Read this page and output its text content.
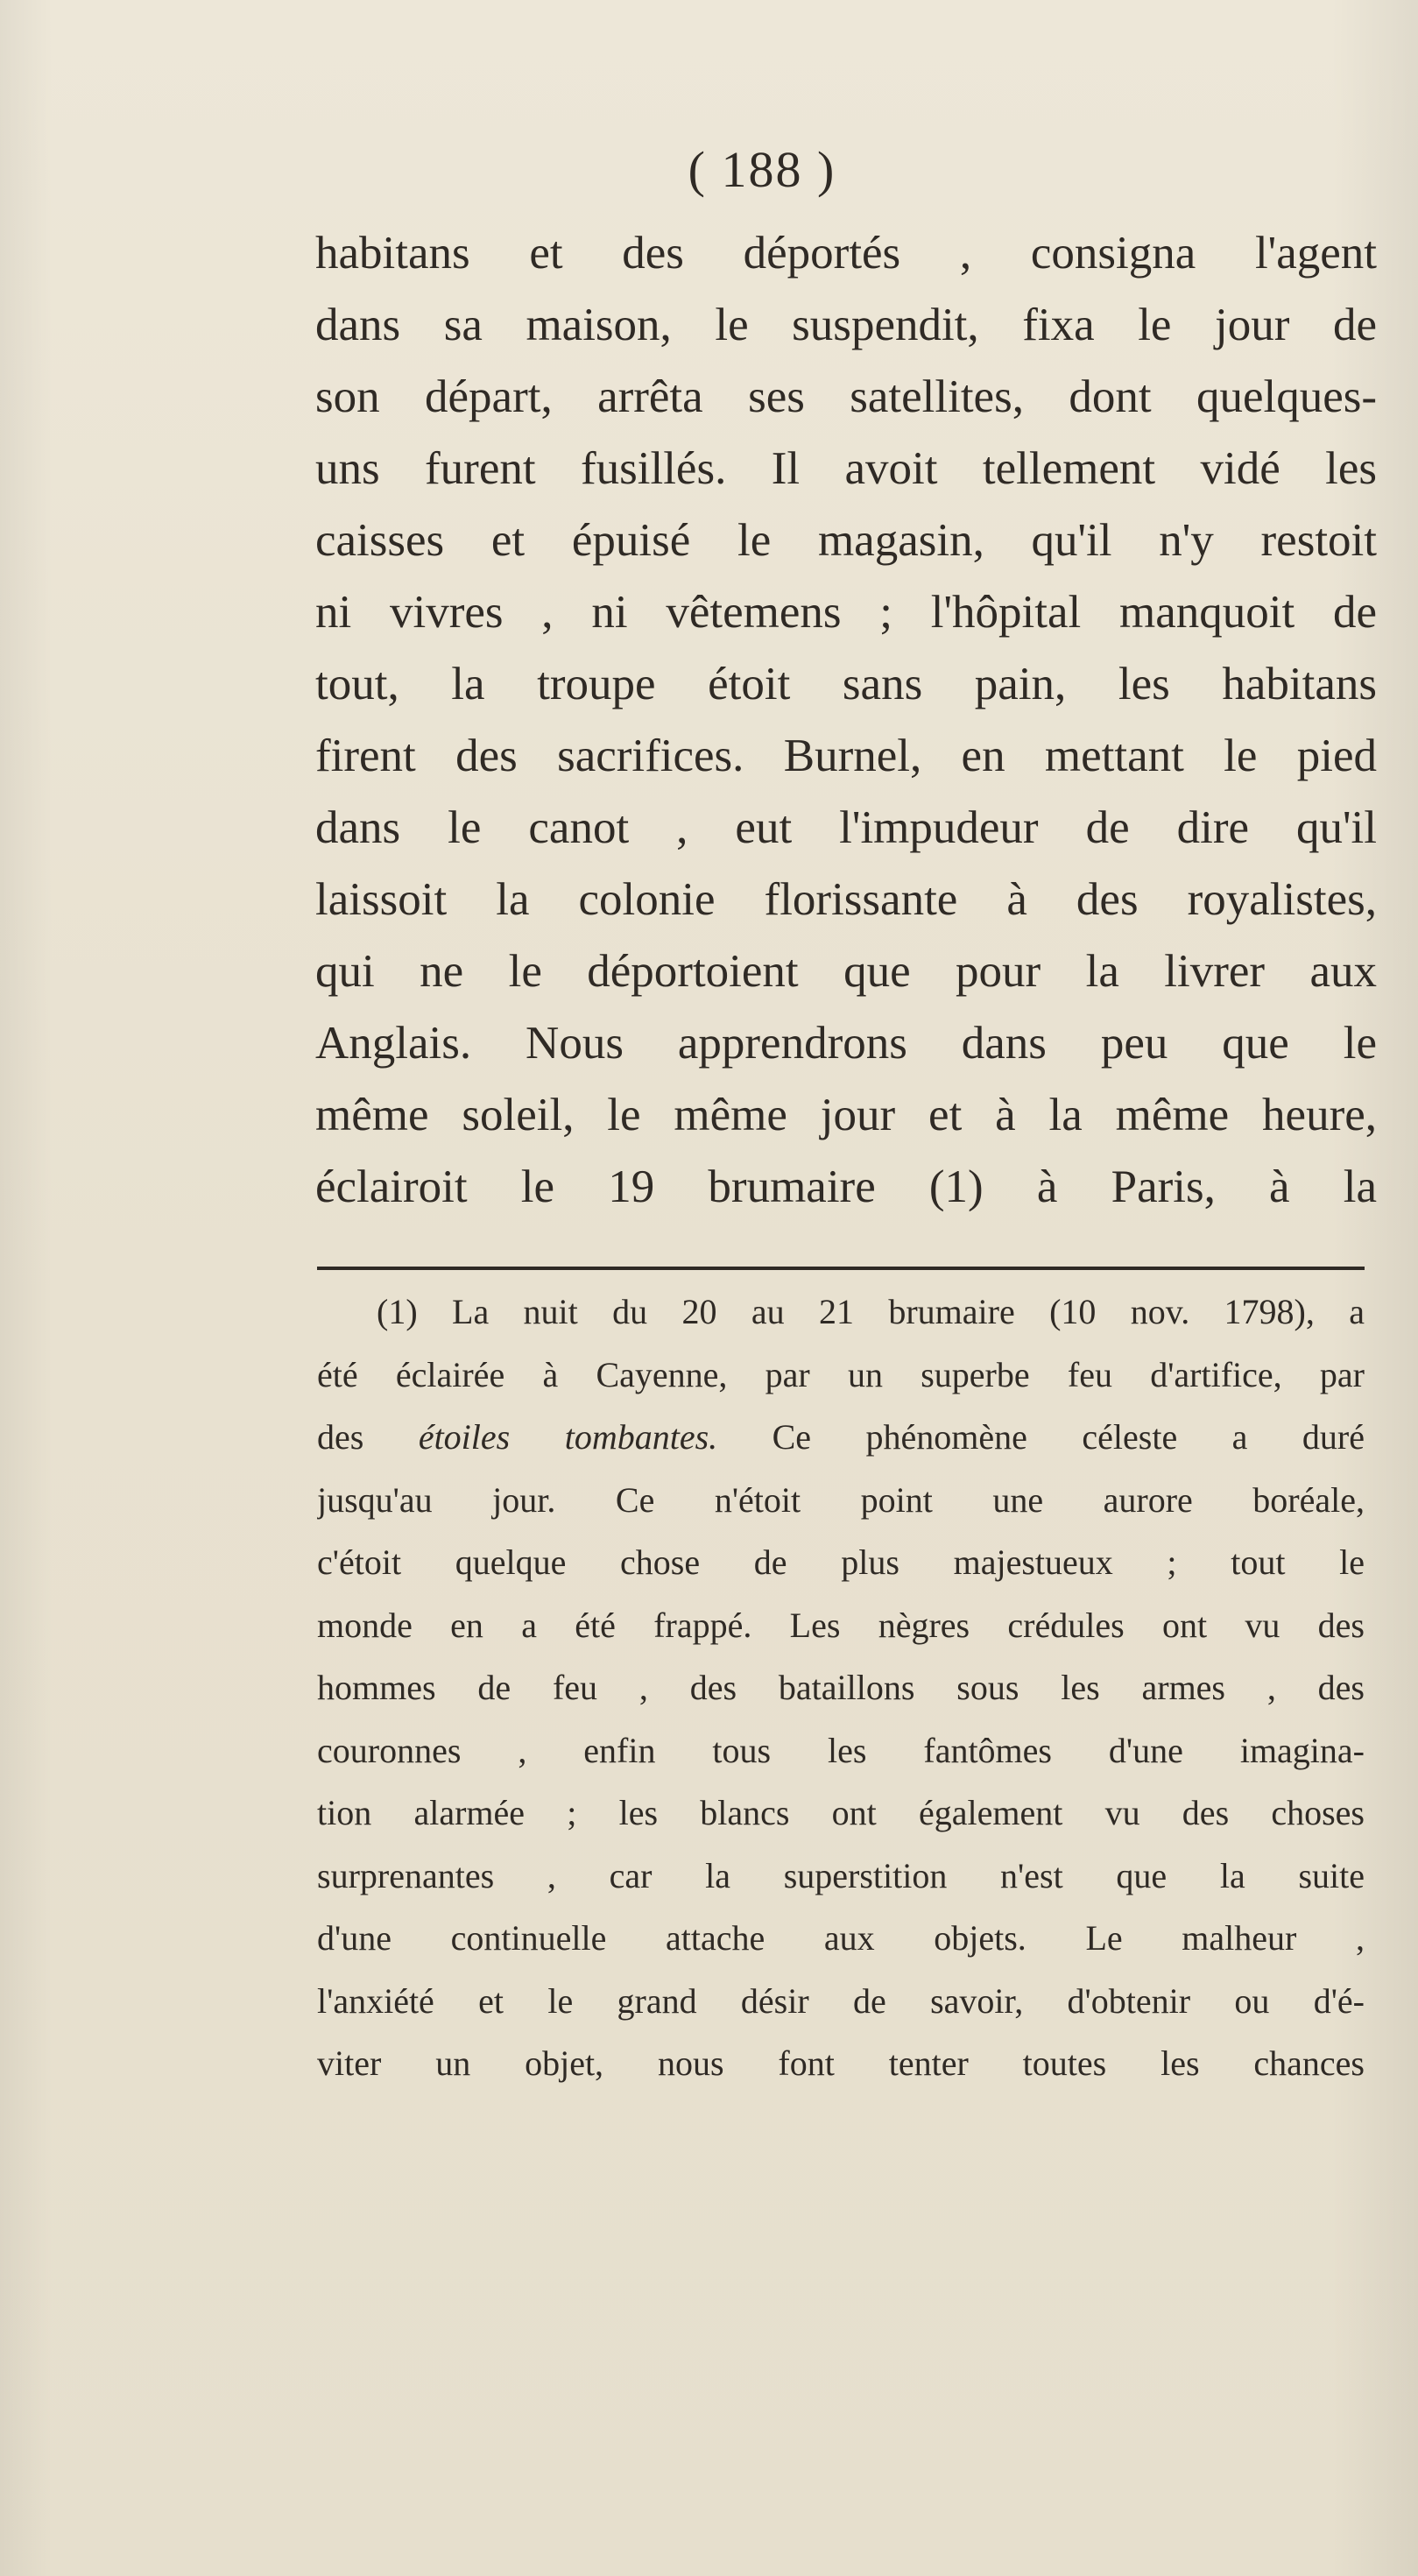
( 188 )
habitans et des déportés , consigna l'agent
dans sa maison, le suspendit, fixa le jour de
son départ, arrêta ses satellites, dont quelques-
uns furent fusillés. Il avoit tellement vidé les
caisses et épuisé le magasin, qu'il n'y restoit
ni vivres , ni vêtemens ; l'hôpital manquoit de
tout, la troupe étoit sans pain, les habitans
firent des sacrifices. Burnel, en mettant le pied
dans le canot , eut l'impudeur de dire qu'il
laissoit la colonie florissante à des royalistes,
qui ne le déportoient que pour la livrer aux
Anglais. Nous apprendrons dans peu que le
même soleil, le même jour et à la même heure,
éclairoit le 19 brumaire (1) à Paris, à la
(1) La nuit du 20 au 21 brumaire (10 nov. 1798), a
été éclairée à Cayenne, par un superbe feu d'artifice, par
des étoiles tombantes. Ce phénomène céleste a duré
jusqu'au jour. Ce n'étoit point une aurore boréale,
c'étoit quelque chose de plus majestueux ; tout le
monde en a été frappé. Les nègres crédules ont vu des
hommes de feu , des bataillons sous les armes , des
couronnes , enfin tous les fantômes d'une imagina-
tion alarmée ; les blancs ont également vu des choses
surprenantes , car la superstition n'est que la suite
d'une continuelle attache aux objets. Le malheur ,
l'anxiété et le grand désir de savoir, d'obtenir ou d'é-
viter un objet, nous font tenter toutes les chances
